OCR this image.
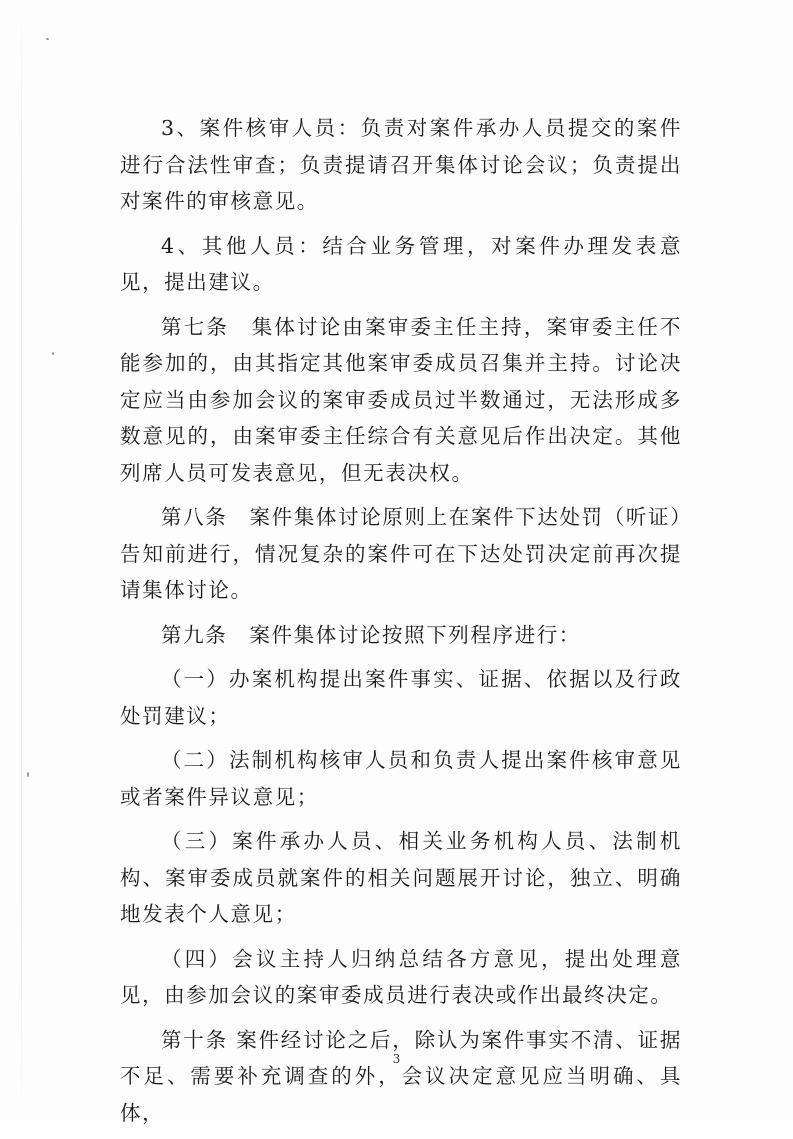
3、案件核审人员：负责对案件承办人员提交的案件进行合法性审查；负责提请召开集体讨论会议；负责提出对案件的审核意见。

4、其他人员：结合业务管理，对案件办理发表意见，提出建议。

第七条　集体讨论由案审委主任主持，案审委主任不能参加的，由其指定其他案审委成员召集并主持。讨论决定应当由参加会议的案审委成员过半数通过，无法形成多数意见的，由案审委主任综合有关意见后作出决定。其他列席人员可发表意见，但无表决权。

第八条　案件集体讨论原则上在案件下达处罚（听证）告知前进行，情况复杂的案件可在下达处罚决定前再次提请集体讨论。

第九条　案件集体讨论按照下列程序进行：

（一）办案机构提出案件事实、证据、依据以及行政处罚建议；

（二）法制机构核审人员和负责人提出案件核审意见或者案件异议意见；

（三）案件承办人员、相关业务机构人员、法制机构、案审委成员就案件的相关问题展开讨论，独立、明确地发表个人意见；

（四）会议主持人归纳总结各方意见，提出处理意见，由参加会议的案审委成员进行表决或作出最终决定。

第十条 案件经讨论之后，除认为案件事实不清、证据不足、需要补充调查的外，会议决定意见应当明确、具体，

3
